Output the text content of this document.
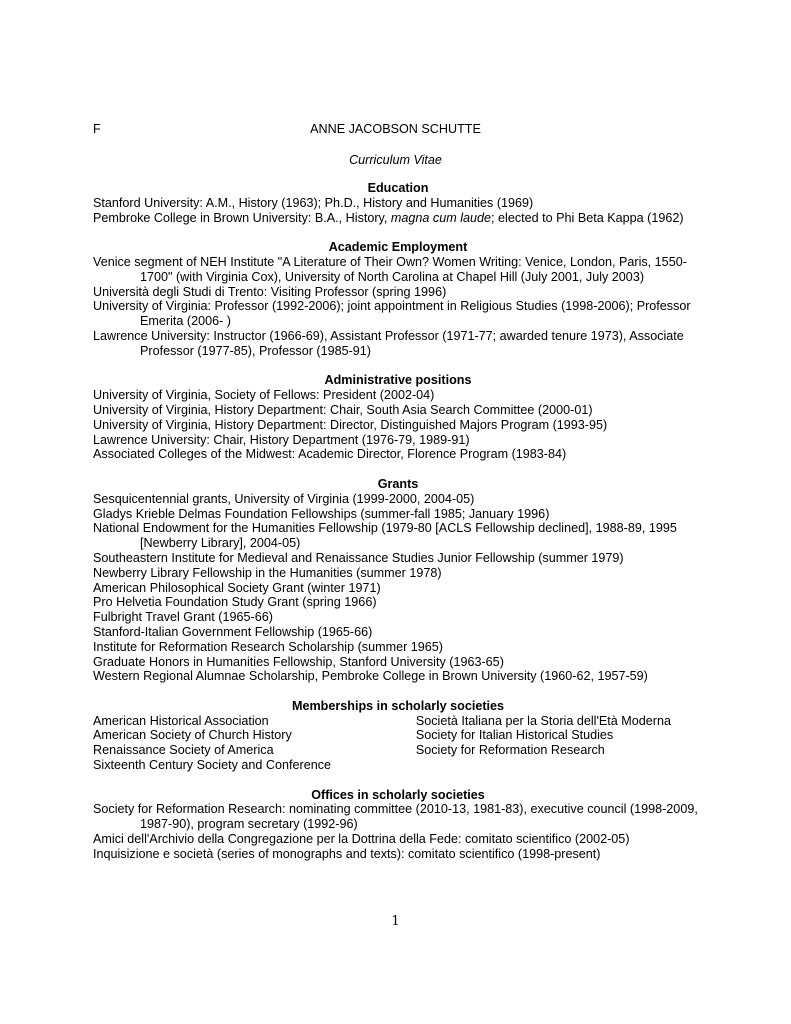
F	ANNE JACOBSON SCHUTTE
Curriculum Vitae

Education

Stanford University: A.M., History (1963); Ph.D., History and Humanities (1969)

Pembroke College in Brown University: B.A., History, magna cum laude; elected to Phi Beta Kappa (1962)

Academic Employment

Venice segment of NEH Institute "A Literature of Their Own? Women Writing: Venice, London, Paris, 1550-1700" (with Virginia Cox), University of North Carolina at Chapel Hill (July 2001, July 2003)

Università degli Studi di Trento: Visiting Professor (spring 1996)

University of Virginia: Professor (1992-2006); joint appointment in Religious Studies (1998-2006); Professor Emerita (2006- )

Lawrence University: Instructor (1966-69), Assistant Professor (1971-77; awarded tenure 1973), Associate Professor (1977-85), Professor (1985-91)

Administrative positions

University of Virginia, Society of Fellows: President (2002-04)

University of Virginia, History Department: Chair, South Asia Search Committee (2000-01)

University of Virginia, History Department: Director, Distinguished Majors Program (1993-95)

Lawrence University: Chair, History Department (1976-79, 1989-91)

Associated Colleges of the Midwest: Academic Director, Florence Program (1983-84)

Grants

Sesquicentennial grants, University of Virginia (1999-2000, 2004-05)

Gladys Krieble Delmas Foundation Fellowships (summer-fall 1985; January 1996)

National Endowment for the Humanities Fellowship (1979-80 [ACLS Fellowship declined], 1988-89, 1995 [Newberry Library], 2004-05)

Southeastern Institute for Medieval and Renaissance Studies Junior Fellowship (summer 1979)

Newberry Library Fellowship in the Humanities (summer 1978)

American Philosophical Society Grant (winter 1971)

Pro Helvetia Foundation Study Grant (spring 1966)

Fulbright Travel Grant (1965-66)

Stanford-Italian Government Fellowship (1965-66)

Institute for Reformation Research Scholarship (summer 1965)

Graduate Honors in Humanities Fellowship, Stanford University (1963-65)

Western Regional Alumnae Scholarship, Pembroke College in Brown University (1960-62, 1957-59)

Memberships in scholarly societies

American Historical Association
American Society of Church History
Renaissance Society of America
Sixteenth Century Society and Conference
Società Italiana per la Storia dell'Età Moderna
Society for Italian Historical Studies
Society for Reformation Research

Offices in scholarly societies

Society for Reformation Research: nominating committee (2010-13, 1981-83), executive council (1998-2009, 1987-90), program secretary (1992-96)

Amici dell'Archivio della Congregazione per la Dottrina della Fede: comitato scientifico (2002-05)

Inquisizione e società (series of monographs and texts): comitato scientifico (1998-present)

1
